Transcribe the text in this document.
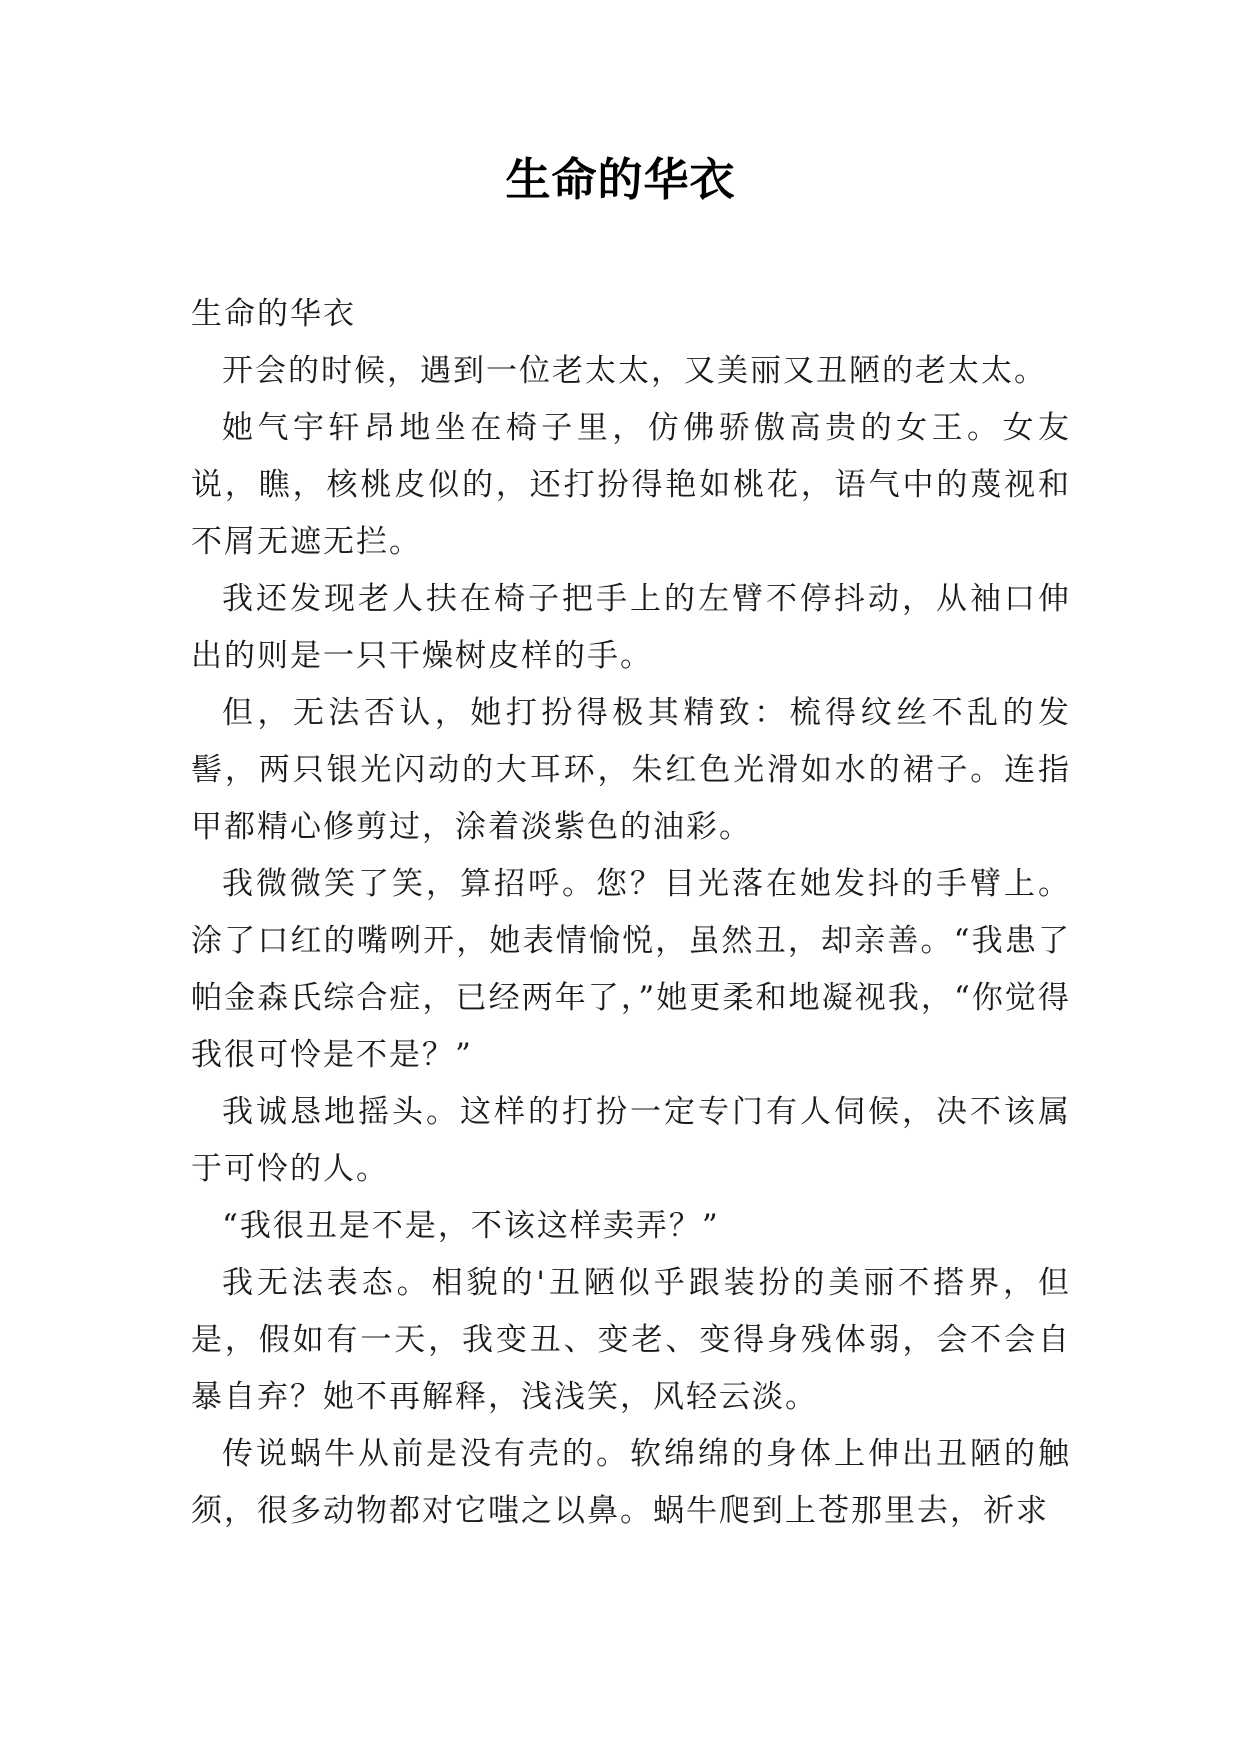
生命的华衣

生命的华衣

开会的时候，遇到一位老太太，又美丽又丑陋的老太太。

她气宇轩昂地坐在椅子里，仿佛骄傲高贵的女王。女友说，瞧，核桃皮似的，还打扮得艳如桃花，语气中的蔑视和不屑无遮无拦。

我还发现老人扶在椅子把手上的左臂不停抖动，从袖口伸出的则是一只干燥树皮样的手。

但，无法否认，她打扮得极其精致：梳得纹丝不乱的发髻，两只银光闪动的大耳环，朱红色光滑如水的裙子。连指甲都精心修剪过，涂着淡紫色的油彩。

我微微笑了笑，算招呼。您？目光落在她发抖的手臂上。涂了口红的嘴咧开，她表情愉悦，虽然丑，却亲善。“我患了帕金森氏综合症，已经两年了，”她更柔和地凝视我，“你觉得我很可怜是不是？”

我诚恳地摇头。这样的打扮一定专门有人伺候，决不该属于可怜的人。

“我很丑是不是，不该这样卖弄？”

我无法表态。相貌的'丑陋似乎跟装扮的美丽不搭界，但是，假如有一天，我变丑、变老、变得身残体弱，会不会自暴自弃？她不再解释，浅浅笑，风轻云淡。

传说蜗牛从前是没有壳的。软绵绵的身体上伸出丑陋的触须，很多动物都对它嗤之以鼻。蜗牛爬到上苍那里去，祈求
